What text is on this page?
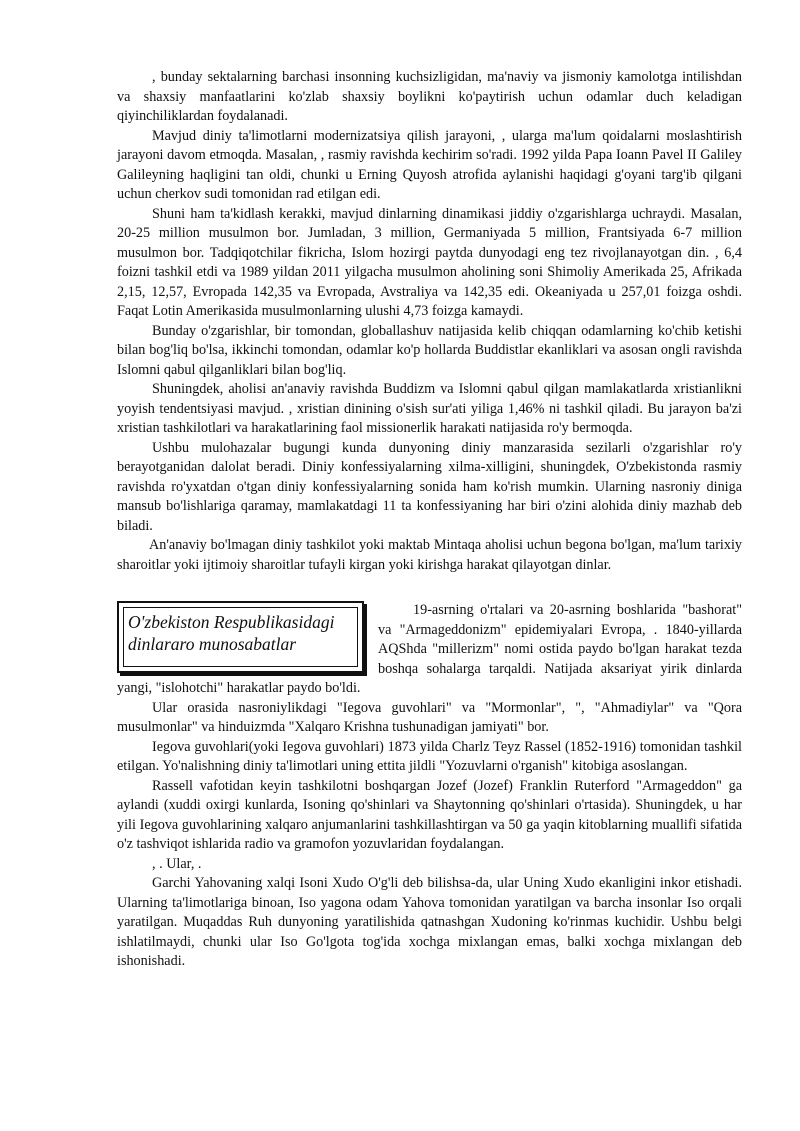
, bunday sektalarning barchasi insonning kuchsizligidan, ma'naviy va jismoniy kamolotga intilishdan va shaxsiy manfaatlarini ko'zlab shaxsiy boylikni ko'paytirish uchun odamlar duch keladigan qiyinchiliklardan foydalanadi.

Mavjud diniy ta'limotlarni modernizatsiya qilish jarayoni, , ularga ma'lum qoidalarni moslashtirish jarayoni davom etmoqda. Masalan, , rasmiy ravishda kechirim so'radi. 1992 yilda Papa Ioann Pavel II Galiley Galileyning haqligini tan oldi, chunki u Erning Quyosh atrofida aylanishi haqidagi g'oyani targ'ib qilgani uchun cherkov sudi tomonidan rad etilgan edi.

Shuni ham ta'kidlash kerakki, mavjud dinlarning dinamikasi jiddiy o'zgarishlarga uchraydi. Masalan, 20-25 million musulmon bor. Jumladan, 3 million, Germaniyada 5 million, Frantsiyada 6-7 million musulmon bor. Tadqiqotchilar fikricha, Islom hozirgi paytda dunyodagi eng tez rivojlanayotgan din. , 6,4 foizni tashkil etdi va 1989 yildan 2011 yilgacha musulmon aholining soni Shimoliy Amerikada 25, Afrikada 2,15, 12,57, Evropada 142,35 va Evropada, Avstraliya va 142,35 edi. Okeaniyada u 257,01 foizga oshdi. Faqat Lotin Amerikasida musulmonlarning ulushi 4,73 foizga kamaydi.

Bunday o'zgarishlar, bir tomondan, globallashuv natijasida kelib chiqqan odamlarning ko'chib ketishi bilan bog'liq bo'lsa, ikkinchi tomondan, odamlar ko'p hollarda Buddistlar ekanliklari va asosan ongli ravishda Islomni qabul qilganliklari bilan bog'liq.

Shuningdek, aholisi an'anaviy ravishda Buddizm va Islomni qabul qilgan mamlakatlarda xristianlikni yoyish tendentsiyasi mavjud. , xristian dinining o'sish sur'ati yiliga 1,46% ni tashkil qiladi. Bu jarayon ba'zi xristian tashkilotlari va harakatlarining faol missionerlik harakati natijasida ro'y bermoqda.

Ushbu mulohazalar bugungi kunda dunyoning diniy manzarasida sezilarli o'zgarishlar ro'y berayotganidan dalolat beradi. Diniy konfessiyalarning xilma-xilligini, shuningdek, O'zbekistonda rasmiy ravishda ro'yxatdan o'tgan diniy konfessiyalarning sonida ham ko'rish mumkin. Ularning nasroniy diniga mansub bo'lishlariga qaramay, mamlakatdagi 11 ta konfessiyaning har biri o'zini alohida diniy mazhab deb biladi.

An'anaviy bo'lmagan diniy tashkilot yoki maktab Mintaqa aholisi uchun begona bo'lgan, ma'lum tarixiy sharoitlar yoki ijtimoiy sharoitlar tufayli kirgan yoki kirishga harakat qilayotgan dinlar.

O'zbekiston Respublikasidagi
dinlararo munosabatlar

19-asrning o'rtalari va 20-asrning boshlarida "bashorat" va "Armageddonizm" epidemiyalari Evropa, . 1840-yillarda AQShda "millerizm" nomi ostida paydo bo'lgan harakat tezda boshqa sohalarga tarqaldi. Natijada aksariyat yirik dinlarda yangi, "islohotchi" harakatlar paydo bo'ldi.

Ular orasida nasroniylikdagi "Iegova guvohlari" va "Mormonlar", ", "Ahmadiylar" va "Qora musulmonlar" va hinduizmda "Xalqaro Krishna tushunadigan jamiyati" bor.

Iegova guvohlari(yoki Iegova guvohlari) 1873 yilda Charlz Teyz Rassel (1852-1916) tomonidan tashkil etilgan. Yo'nalishning diniy ta'limotlari uning ettita jildli "Yozuvlarni o'rganish" kitobiga asoslangan.

Rassell vafotidan keyin tashkilotni boshqargan Jozef (Jozef) Franklin Ruterford "Armageddon" ga aylandi (xuddi oxirgi kunlarda, Isoning qo'shinlari va Shaytonning qo'shinlari o'rtasida). Shuningdek, u har yili Iegova guvohlarining xalqaro anjumanlarini tashkillashtirgan va 50 ga yaqin kitoblarning muallifi sifatida o'z tashviqot ishlarida radio va gramofon yozuvlaridan foydalangan.

, . Ular, .

Garchi Yahovaning xalqi Isoni Xudo O'g'li deb bilishsa-da, ular Uning Xudo ekanligini inkor etishadi. Ularning ta'limotlariga binoan, Iso yagona odam Yahova tomonidan yaratilgan va barcha insonlar Iso orqali yaratilgan. Muqaddas Ruh dunyoning yaratilishida qatnashgan Xudoning ko'rinmas kuchidir. Ushbu belgi ishlatilmaydi, chunki ular Iso Go'lgota tog'ida xochga mixlangan emas, balki xochga mixlangan deb ishonishadi.
